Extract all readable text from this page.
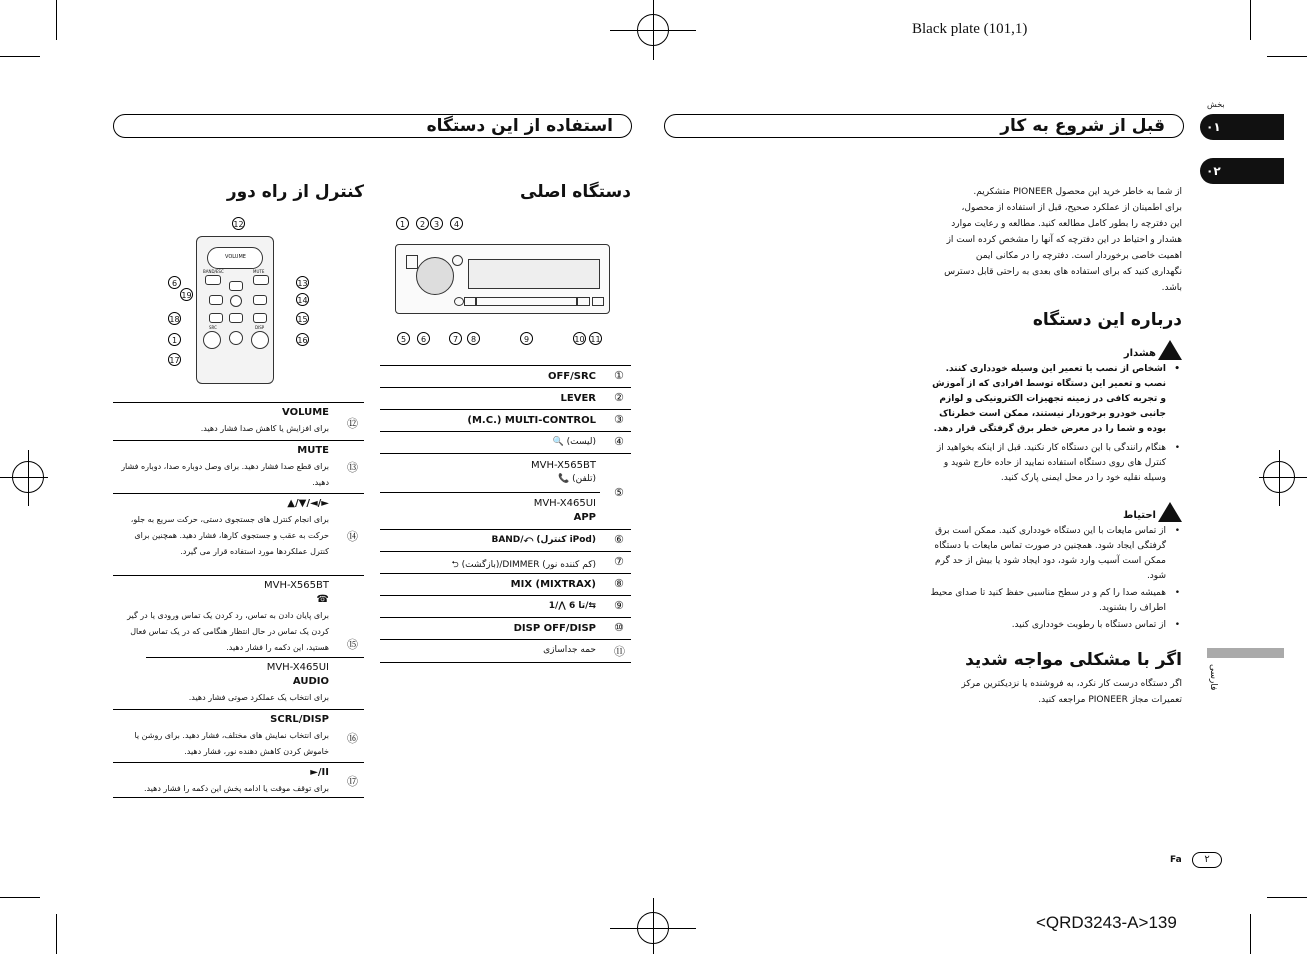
Black plate (101,1)
استفاده از این دستگاه	قبل از شروع به کار
بخش
۰۱
۰۲
فارسی
کنترل از راه دور
VOLUME
MUTE
BAND/ESC
SRC	DISP
12
6
19
18
1
17
13
14
15
16
⑫
VOLUME
برای افزایش یا کاهش صدا فشار دهید.
⑬
MUTE
برای قطع صدا فشار دهید. برای وصل دوباره صدا، دوباره فشار دهید.
⑭
▲/▼/◄/►
برای انجام کنترل های جستجوی دستی، حرکت سریع به جلو، حرکت به عقب و جستجوی کارها، فشار دهید. همچنین برای کنترل عملکردها مورد استفاده قرار می گیرد.
⑮
MVH-X565BT
☎
برای پایان دادن به تماس، رد کردن یک تماس ورودی یا در گیر کردن یک تماس در حال انتظار هنگامی که در یک تماس فعال هستید، این دکمه را فشار دهید.
MVH-X465UI
AUDIO
برای انتخاب یک عملکرد صوتی فشار دهید.
⑯
SCRL/DISP
برای انتخاب نمایش های مختلف، فشار دهید. برای روشن یا خاموش کردن کاهش دهنده نور، فشار دهید.
⑰
►/II
برای توقف موقت یا ادامه پخش این دکمه را فشار دهید.
دستگاه اصلی
1	2	3	4
5	6	7	8	9	10 11
①
OFF/SRC
②
LEVER
③
(M.C.) MULTI-CONTROL
④
🔍 (لیست)
⑤
MVH-X565BT
📞 (تلفن)
MVH-X465UI
APP
⑥
BAND/⤺ (کنترل iPod)
⑦
⮌ (بازگشت)/DIMMER (کم کننده نور)
⑧
MIX (MIXTRAX)
⑨
1/⋀ تا 6/⇆
⑩
DISP OFF/DISP
⑪
حمه جداسازی
از شما به خاطر خرید این محصول PIONEER متشکریم.
برای اطمینان از عملکرد صحیح، قبل از استفاده از محصول،
این دفترچه را بطور کامل مطالعه کنید. مطالعه و رعایت موارد
هشدار و احتیاط در این دفترچه که آنها را مشخص کرده است از
اهمیت خاصی برخوردار است. دفترچه را در مکانی ایمن
نگهداری کنید که برای استفاده های بعدی به راحتی قابل دسترس
باشد.
درباره این دستگاه
هشدار
•
اشخاص از نصب یا تعمیر این وسیله خودداری کنند. نصب و تعمیر این دستگاه توسط افرادی که از آموزش و تجربه کافی در زمینه تجهیزات الکترونیکی و لوازم جانبی خودرو برخوردار نیستند، ممکن است خطرناک بوده و شما را در معرض خطر برق گرفتگی قرار دهد.
•
هنگام رانندگی با این دستگاه کار نکنید. قبل از اینکه بخواهید از کنترل های روی دستگاه استفاده نمایید از حاده خارج شوید و وسیله نقلیه خود را در محل ایمنی پارک کنید.
احتیاط
•
از تماس مایعات با این دستگاه خودداری کنید. ممکن است برق گرفتگی ایجاد شود. همچنین در صورت تماس مایعات با دستگاه ممکن است آسیب وارد شود، دود ایجاد شود یا بیش از حد گرم شود.
•
همیشه صدا را کم و در سطح مناسبی حفظ کنید تا صدای محیط اطراف را بشنوید.
•
از تماس دستگاه با رطوبت خودداری کنید.
اگر با مشکلی مواجه شدید
اگر دستگاه درست کار نکرد، به فروشنده یا نزدیکترین مرکز
تعمیرات مجاز PIONEER مراجعه کنید.
Fa	۲
<QRD3243-A>139
